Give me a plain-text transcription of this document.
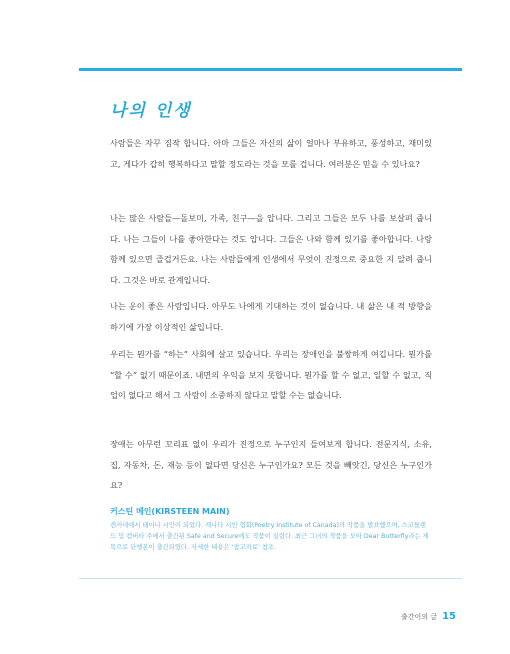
나의 인생

사람들은 자꾸 짐작 합니다. 아마 그들은 자신의 삶이 얼마나 부유하고, 풍성하고, 재미있고, 게다가 갑히 행복하다고 말할 정도라는 것을 모를 겁니다. 여러분은 믿을 수 있나요?

나는 많은 사람들—돌보미, 가족, 친구—을 압니다. 그리고 그들은 모두 나를 보살펴 줍니다. 나는 그들이 나를 좋아한다는 것도 압니다. 그들은 나와 함께 있기를 좋아합니다. 나랑 함께 있으면 즐겁거든요. 나는 사람들에게 인생에서 무엇이 진정으로 중요한 지 알려 줍니다. 그것은 바로 관계입니다.

나는 운이 좋은 사람입니다. 아무도 나에게 기대하는 것이 없습니다. 내 삶은 내 적 방향을 하기에 가장 이상적인 삶입니다.

우리는 뭔가를 “하는” 사회에 살고 있습니다. 우리는 장애인을 불쌍하게 여깁니다. 뭔가를 “할 수” 없기 때문이죠. 내면의 우익을 보지 못합니다. 뭔가를 할 수 없고, 일할 수 없고, 직업이 없다고 해서 그 사람이 소중하지 않다고 말할 수는 없습니다.

장애는 아무런 꼬리표 없이 우리가 진정으로 누구인지 들여보게 합니다. 전문지식, 소유, 집, 자동차, 돈, 재능 등이 없다면 당신은 누구인가요? 모든 것을 빼앗긴, 당신은 누구인가요?

커스틴 메인(KIRSTEEN MAIN)

캔커네에서 태어나 시인이 되었다. 캐나다 시인 협회(Poetry Institute of Canada)의 작품을 발표했으며, 스코틀랜드 및 캠버타 주에서 출간된 Safe and Secure에도 작품이 실렸다. 최근 그녀의 작품을 모아 Dear Butterfly라는 제목으로 단행본이 출간되었다. 자세한 내용은 ‘참고자료’ 참조.

출간이의 글 15
